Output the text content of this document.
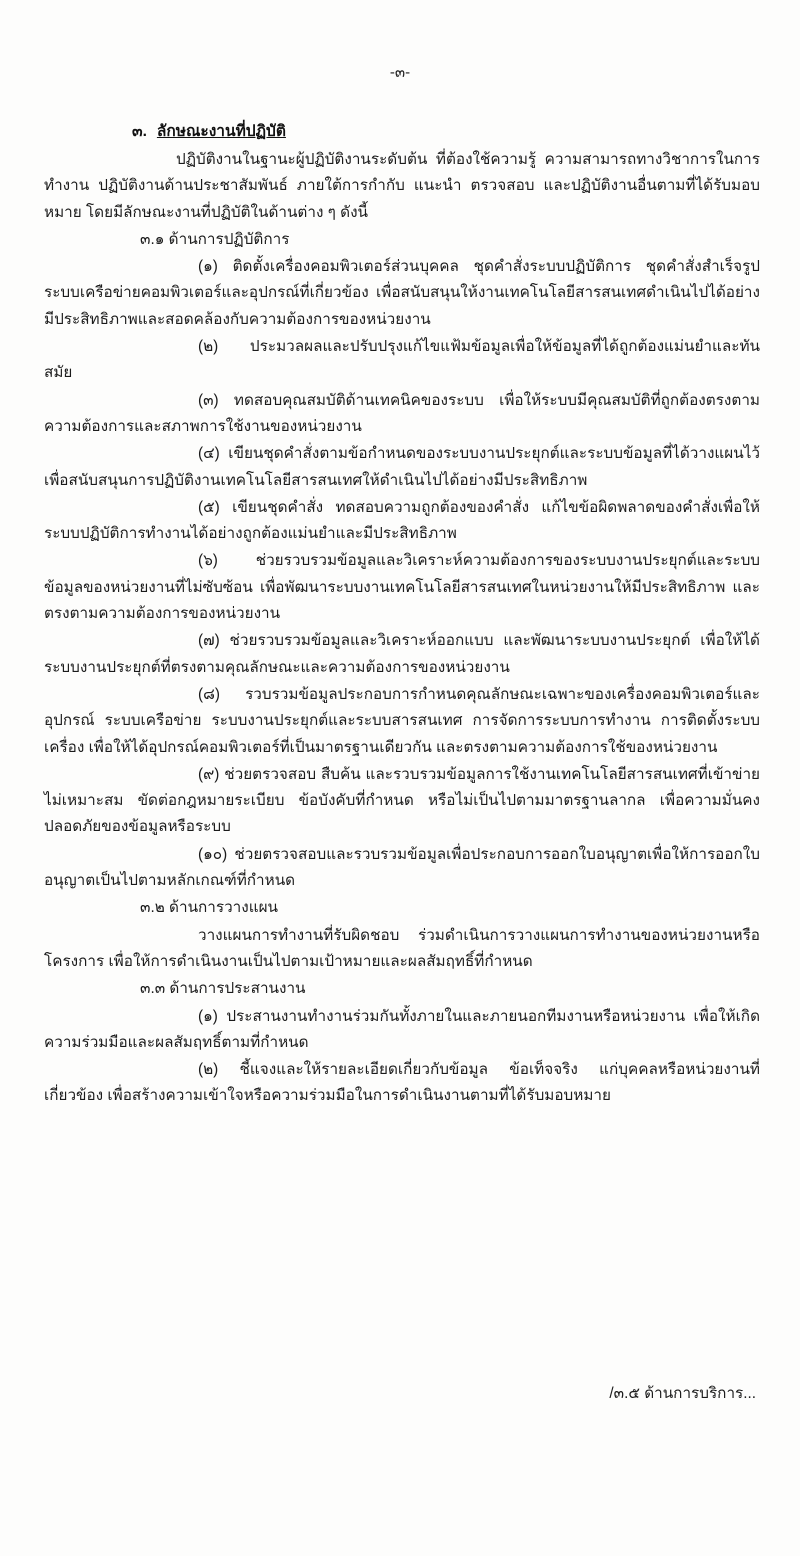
-๓-
๓. ลักษณะงานที่ปฏิบัติ

ปฏิบัติงานในฐานะผู้ปฏิบัติงานระดับต้น ที่ต้องใช้ความรู้ ความสามารถทางวิชาการในการทำงาน ปฏิบัติงานด้านประชาสัมพันธ์ ภายใต้การกำกับ แนะนำ ตรวจสอบ และปฏิบัติงานอื่นตามที่ได้รับมอบหมาย โดยมีลักษณะงานที่ปฏิบัติในด้านต่าง ๆ ดังนี้

๓.๑ ด้านการปฏิบัติการ

(๑) ติดตั้งเครื่องคอมพิวเตอร์ส่วนบุคคล ชุดคำสั่งระบบปฏิบัติการ ชุดคำสั่งสำเร็จรูป ระบบเครือข่ายคอมพิวเตอร์และอุปกรณ์ที่เกี่ยวข้อง เพื่อสนับสนุนให้งานเทคโนโลยีสารสนเทศดำเนินไปได้อย่างมีประสิทธิภาพและสอดคล้องกับความต้องการของหน่วยงาน

(๒) ประมวลผลและปรับปรุงแก้ไขแฟ้มข้อมูลเพื่อให้ข้อมูลที่ได้ถูกต้องแม่นยำและทันสมัย

(๓) ทดสอบคุณสมบัติด้านเทคนิคของระบบ เพื่อให้ระบบมีคุณสมบัติที่ถูกต้องตรงตามความต้องการและสภาพการใช้งานของหน่วยงาน

(๔) เขียนชุดคำสั่งตามข้อกำหนดของระบบงานประยุกต์และระบบข้อมูลที่ได้วางแผนไว้เพื่อสนับสนุนการปฏิบัติงานเทคโนโลยีสารสนเทศให้ดำเนินไปได้อย่างมีประสิทธิภาพ

(๕) เขียนชุดคำสั่ง ทดสอบความถูกต้องของคำสั่ง แก้ไขข้อผิดพลาดของคำสั่งเพื่อให้ระบบปฏิบัติการทำงานได้อย่างถูกต้องแม่นยำและมีประสิทธิภาพ

(๖) ช่วยรวบรวมข้อมูลและวิเคราะห์ความต้องการของระบบงานประยุกต์และระบบข้อมูลของหน่วยงานที่ไม่ซับซ้อน เพื่อพัฒนาระบบงานเทคโนโลยีสารสนเทศในหน่วยงานให้มีประสิทธิภาพ และตรงตามความต้องการของหน่วยงาน

(๗) ช่วยรวบรวมข้อมูลและวิเคราะห์ออกแบบ และพัฒนาระบบงานประยุกต์ เพื่อให้ได้ระบบงานประยุกต์ที่ตรงตามคุณลักษณะและความต้องการของหน่วยงาน

(๘) รวบรวมข้อมูลประกอบการกำหนดคุณลักษณะเฉพาะของเครื่องคอมพิวเตอร์และอุปกรณ์ ระบบเครือข่าย ระบบงานประยุกต์และระบบสารสนเทศ การจัดการระบบการทำงาน การติดตั้งระบบเครื่อง เพื่อให้ได้อุปกรณ์คอมพิวเตอร์ที่เป็นมาตรฐานเดียวกัน และตรงตามความต้องการใช้ของหน่วยงาน

(๙) ช่วยตรวจสอบ สืบค้น และรวบรวมข้อมูลการใช้งานเทคโนโลยีสารสนเทศที่เข้าข่ายไม่เหมาะสม ขัดต่อกฎหมายระเบียบ ข้อบังคับที่กำหนด หรือไม่เป็นไปตามมาตรฐานลากล เพื่อความมั่นคงปลอดภัยของข้อมูลหรือระบบ

(๑๐) ช่วยตรวจสอบและรวบรวมข้อมูลเพื่อประกอบการออกใบอนุญาตเพื่อให้การออกใบอนุญาตเป็นไปตามหลักเกณฑ์ที่กำหนด

๓.๒ ด้านการวางแผน

วางแผนการทำงานที่รับผิดชอบ ร่วมดำเนินการวางแผนการทำงานของหน่วยงานหรือโครงการ เพื่อให้การดำเนินงานเป็นไปตามเป้าหมายและผลสัมฤทธิ์ที่กำหนด

๓.๓ ด้านการประสานงาน

(๑) ประสานงานทำงานร่วมกันทั้งภายในและภายนอกทีมงานหรือหน่วยงาน เพื่อให้เกิดความร่วมมือและผลสัมฤทธิ์ตามที่กำหนด

(๒) ชี้แจงและให้รายละเอียดเกี่ยวกับข้อมูล ข้อเท็จจริง แก่บุคคลหรือหน่วยงานที่เกี่ยวข้อง เพื่อสร้างความเข้าใจหรือความร่วมมือในการดำเนินงานตามที่ได้รับมอบหมาย

/๓.๕ ด้านการบริการ...
